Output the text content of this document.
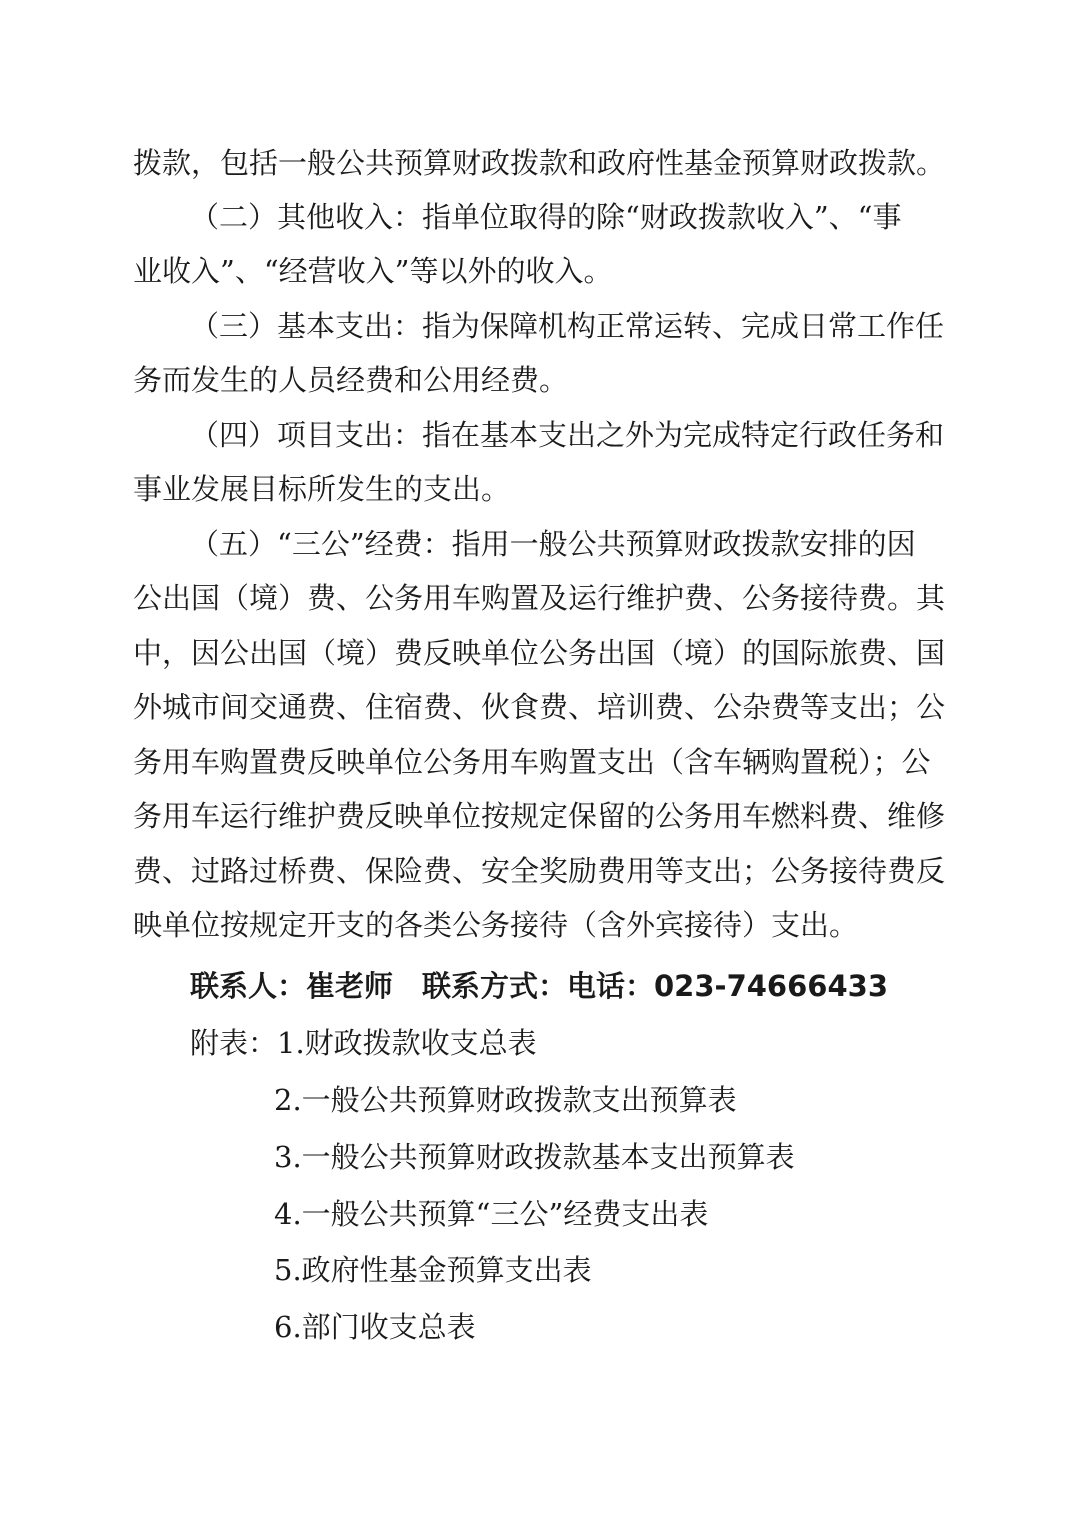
拨款，包括一般公共预算财政拨款和政府性基金预算财政拨款。
（二）其他收入：指单位取得的除“财政拨款收入”、“事
业收入”、“经营收入”等以外的收入。
（三）基本支出：指为保障机构正常运转、完成日常工作任
务而发生的人员经费和公用经费。
（四）项目支出：指在基本支出之外为完成特定行政任务和
事业发展目标所发生的支出。
（五）“三公”经费：指用一般公共预算财政拨款安排的因
公出国（境）费、公务用车购置及运行维护费、公务接待费。其
中，因公出国（境）费反映单位公务出国（境）的国际旅费、国
外城市间交通费、住宿费、伙食费、培训费、公杂费等支出；公
务用车购置费反映单位公务用车购置支出（含车辆购置税）；公
务用车运行维护费反映单位按规定保留的公务用车燃料费、维修
费、过路过桥费、保险费、安全奖励费用等支出；公务接待费反
映单位按规定开支的各类公务接待（含外宾接待）支出。
联系人：崔老师　联系方式：电话：023-74666433
附表：1.财政拨款收支总表
2.一般公共预算财政拨款支出预算表
3.一般公共预算财政拨款基本支出预算表
4.一般公共预算“三公”经费支出表
5.政府性基金预算支出表
6.部门收支总表
